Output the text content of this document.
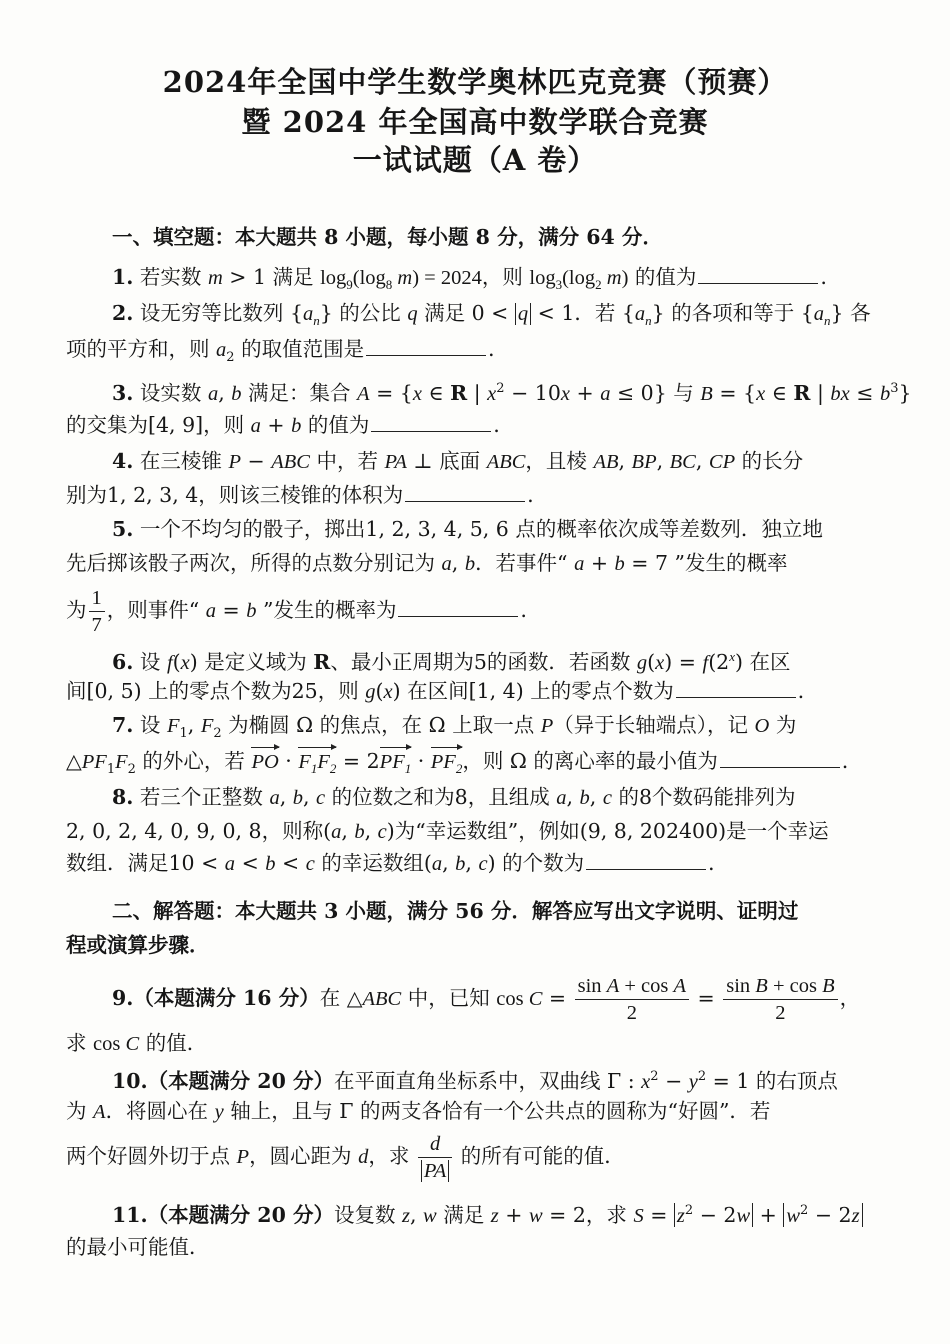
2024年全国中学生数学奥林匹克竞赛（预赛）
暨 2024 年全国高中数学联合竞赛
一试试题（A 卷）
一、填空题：本大题共 8 小题，每小题 8 分，满分 64 分．
1. 若实数 m > 1 满足 $\log_9(\log_8$ m) = 2024，则 $\log_3(\log_2$ m) 的值为	．
2. 设无穷等比数列 $\{a_n\}$ 的公比 q 满足 0 < q < 1．若 $\{a_n\}$ 的各项和等于 $\{a_n\}$ 各
项的平方和，则 $a_2$ 的取值范围是	．
3. 设实数 a, b 满足：集合 A = {x ∈ R | $x^2 - 10x + a \le 0$} 与 B = {x ∈ R | bx ≤ $b^3$}
的交集为[4, 9]，则 a + b 的值为	．
4. 在三棱锥 P − ABC 中，若 PA ⊥ 底面 ABC，且棱 AB, BP, BC, CP 的长分
别为1, 2, 3, 4，则该三棱锥的体积为	．
5. 一个不均匀的骰子，掷出1, 2, 3, 4, 5, 6 点的概率依次成等差数列．独立地
先后掷该骰子两次，所得的点数分别记为 a, b．若事件“ a + b = 7 ”发生的概率
为 $\frac{1}{7}$ ，则事件“ a = b ”发生的概率为	．
6. 设 f(x) 是定义域为 R、最小正周期为5的函数．若函数 $g(x) = f(2^x)$ 在区
间[0, 5) 上的零点个数为25，则 g(x) 在区间[1, 4) 上的零点个数为	．
7. 设 $F_1$, $F_2$ 为椭圆 Ω 的焦点，在 Ω 上取一点 P（异于长轴端点），记 O 为
$\triangle PF_1F_2$ 的外心，若 PO · $F_1F_2 = 2PF_1 \cdot PF_2$，则 Ω 的离心率的最小值为	．
8. 若三个正整数 a, b, c 的位数之和为8，且组成 a, b, c 的8个数码能排列为
2, 0, 2, 4, 0, 9, 0, 8，则称(a, b, c)为“幸运数组”，例如(9, 8, 202400)是一个幸运
数组．满足10 < a < b < c 的幸运数组(a, b, c) 的个数为	．
二、解答题：本大题共 3 小题，满分 56 分．解答应写出文字说明、证明过
程或演算步骤．
9.（本题满分 16 分）在 △ABC 中，已知 $\cos C = \frac{\text{sin A + cos A}}{2} = \frac{\text{sin B + cos B}}{2}$ ，
求 cos C 的值．
10.（本题满分 20 分）在平面直角坐标系中，双曲线 Γ : $x^2 - y^2 = 1$ 的右顶点
为 A．将圆心在 y 轴上，且与 Γ 的两支各恰有一个公共点的圆称为“好圆”．若
两个好圆外切于点 P，圆心距为 d，求 $\frac{d}{PA}$ 的所有可能的值．
11.（本题满分 20 分）设复数 z, w 满足 z + w = 2，求 $S = z^2 - 2w + w^2 - 2z$
的最小可能值．
